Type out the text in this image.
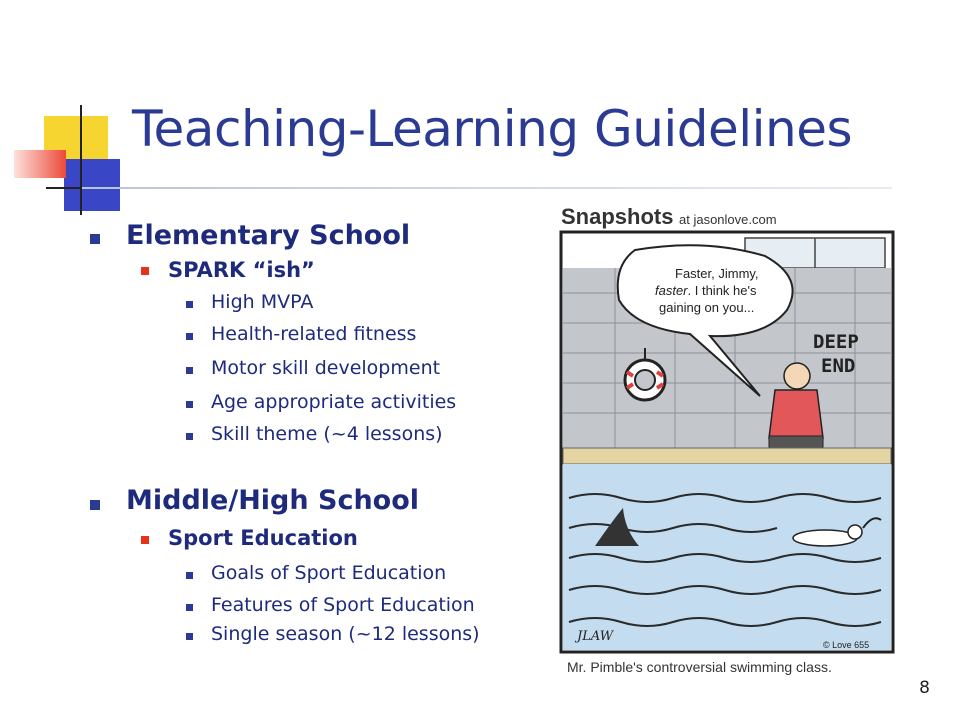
Teaching-Learning Guidelines
Elementary School
SPARK “ish”
High MVPA
Health-related fitness
Motor skill development
Age appropriate activities
Skill theme (~4 lessons)
Middle/High School
Sport Education
Goals of Sport Education
Features of Sport Education
Single season (~12 lessons)
Snapshots at jasonlove.com
Faster, Jimmy,
faster. I think he's
gaining on you...
DEEP
END
JLAW
© Love 655
Mr. Pimble's controversial swimming class.
8
